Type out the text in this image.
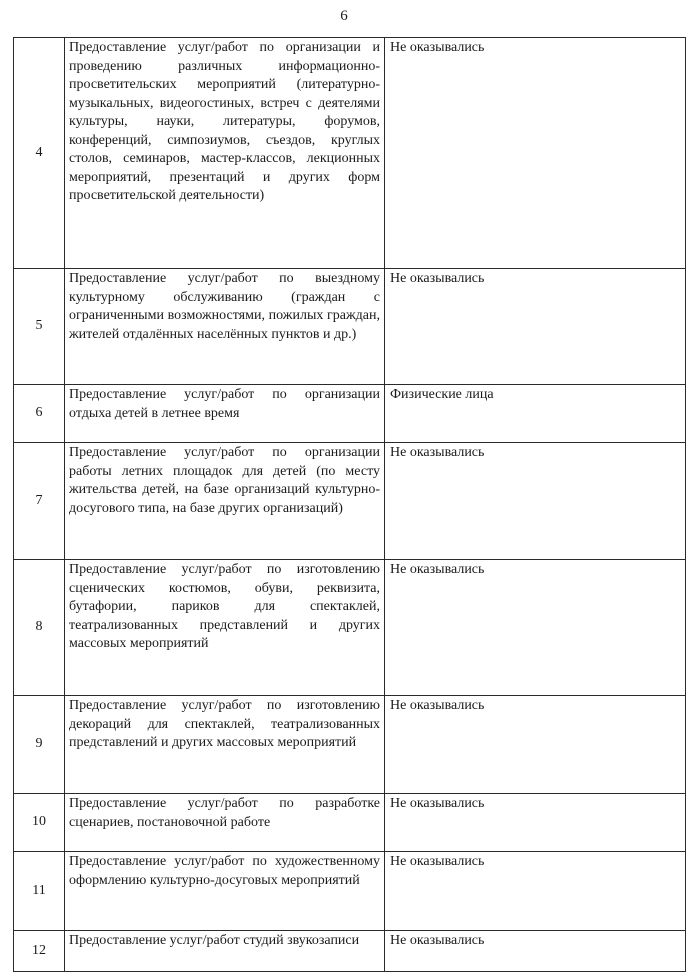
6
4	Предоставление услуг/работ по организации и проведению различных информационно-просветительских мероприятий (литературно-музыкальных, видеогостиных, встреч с деятелями культуры, науки, литературы, форумов, конференций, симпозиумов, съездов, круглых столов, семинаров, мастер-классов, лекционных мероприятий, презентаций и других форм просветительской деятельности)	Не оказывались
5	Предоставление услуг/работ по выездному культурному обслуживанию (граждан с ограниченными возможностями, пожилых граждан, жителей отдалённых населённых пунктов и др.)	Не оказывались
6	Предоставление услуг/работ по организации отдыха детей в летнее время	Физические лица
7	Предоставление услуг/работ по организации работы летних площадок для детей (по месту жительства детей, на базе организаций культурно-досугового типа, на базе других организаций)	Не оказывались
8	Предоставление услуг/работ по изготовлению сценических костюмов, обуви, реквизита, бутафории, париков для спектаклей, театрализованных представлений и других массовых мероприятий	Не оказывались
9	Предоставление услуг/работ по изготовлению декораций для спектаклей, театрализованных представлений и других массовых мероприятий	Не оказывались
10	Предоставление услуг/работ по разработке сценариев, постановочной работе	Не оказывались
11	Предоставление услуг/работ по художественному оформлению культурно-досуговых мероприятий	Не оказывались
12	Предоставление услуг/работ студий звукозаписи	Не оказывались
